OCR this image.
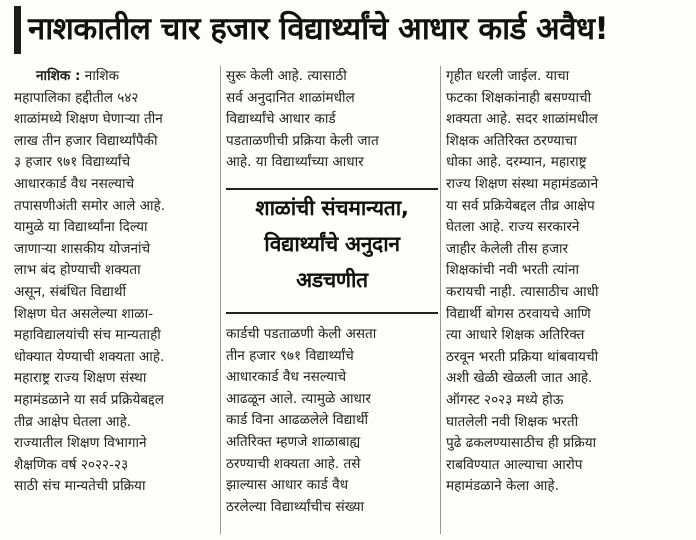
नाशकातील चार हजार विद्यार्थ्यांचे आधार कार्ड अवैध!
नाशिक : नाशिक
महापालिका हद्दीतील ५४२
शाळांमध्ये शिक्षण घेणाऱ्या तीन
लाख तीन हजार विद्यार्थ्यांपैकी
३ हजार ९७१ विद्यार्थ्यांचे
आधारकार्ड वैध नसल्याचे
तपासणीअंती समोर आले आहे.
यामुळे या विद्यार्थ्यांना दिल्या
जाणाऱ्या शासकीय योजनांचे
लाभ बंद होण्याची शक्यता
असून, संबंधित विद्यार्थी
शिक्षण घेत असलेल्या शाळा-
महाविद्यालयांची संच मान्यताही
धोक्यात येण्याची शक्यता आहे.
महाराष्ट्र राज्य शिक्षण संस्था
महामंडळाने या सर्व प्रक्रियेबद्दल
तीव्र आक्षेप घेतला आहे.
राज्यातील शिक्षण विभागाने
शैक्षणिक वर्ष २०२२-२३
साठी संच मान्यतेची प्रक्रिया
सुरू केली आहे. त्यासाठी
सर्व अनुदानित शाळांमधील
विद्यार्थ्यांचे आधार कार्ड
पडताळणीची प्रक्रिया केली जात
आहे. या विद्यार्थ्यांच्या आधार
शाळांची संचमान्यता,
विद्यार्थ्यांचे अनुदान
अडचणीत
कार्डची पडताळणी केली असता
तीन हजार ९७१ विद्यार्थ्यांचे
आधारकार्ड वैध नसल्याचे
आढळून आले. त्यामुळे आधार
कार्ड विना आढळलेले विद्यार्थी
अतिरिक्त म्हणजे शाळाबाह्य
ठरण्याची शक्यता आहे. तसे
झाल्यास आधार कार्ड वैध
ठरलेल्या विद्यार्थ्यांचीच संख्या
गृहीत धरली जाईल. याचा
फटका शिक्षकांनाही बसण्याची
शक्यता आहे. सदर शाळांमधील
शिक्षक अतिरिक्त ठरण्याचा
धोका आहे. दरम्यान, महाराष्ट्र
राज्य शिक्षण संस्था महामंडळाने
या सर्व प्रक्रियेबद्दल तीव्र आक्षेप
घेतला आहे. राज्य सरकारने
जाहीर केलेली तीस हजार
शिक्षकांची नवी भरती त्यांना
करायची नाही. त्यासाठीच आधी
विद्यार्थी बोगस ठरवायचे आणि
त्या आधारे शिक्षक अतिरिक्त
ठरवून भरती प्रक्रिया थांबवायची
अशी खेळी खेळली जात आहे.
ऑगस्ट २०२३ मध्ये होऊ
घातलेली नवी शिक्षक भरती
पुढे ढकलण्यासाठीच ही प्रक्रिया
राबविण्यात आल्याचा आरोप
महामंडळाने केला आहे.
